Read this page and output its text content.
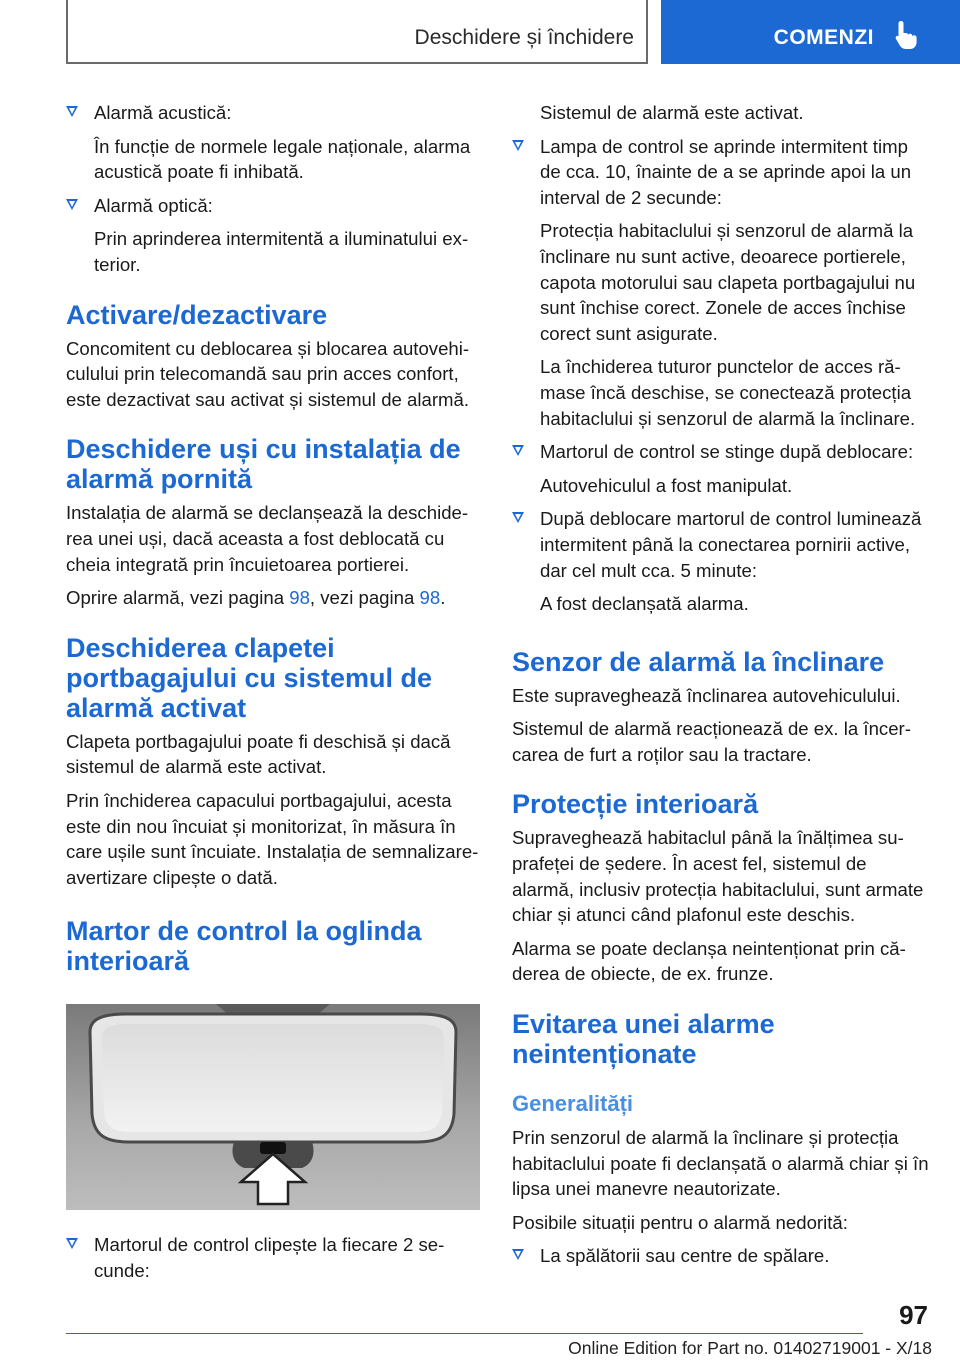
Deschidere și închidere	COMENZI

Alarmă acustică:

În funcție de normele legale naționale, alarma acustică poate fi inhibată.

Alarmă optică:

Prin aprinderea intermitentă a iluminatului exterior.

Activare/dezactivare

Concomitent cu deblocarea și blocarea autovehiculului prin telecomandă sau prin acces confort, este dezactivat sau activat și sistemul de alarmă.

Deschidere uși cu instalația de alarmă pornită

Instalația de alarmă se declanșează la deschiderea unei uși, dacă aceasta a fost deblocată cu cheia integrată prin încuietoarea portierei.

Oprire alarmă, vezi pagina 98, vezi pagina 98.

Deschiderea clapetei portbagajului cu sistemul de alarmă activat

Clapeta portbagajului poate fi deschisă și dacă sistemul de alarmă este activat.

Prin închiderea capacului portbagajului, acesta este din nou încuiat și monitorizat, în măsura în care ușile sunt încuiate. Instalația de semnalizare-avertizare clipește o dată.

Martor de control la oglinda interioară

Martorul de control clipește la fiecare 2 secunde:

Sistemul de alarmă este activat.

Lampa de control se aprinde intermitent timp de cca. 10, înainte de a se aprinde apoi la un interval de 2 secunde:

Protecția habitaclului și senzorul de alarmă la înclinare nu sunt active, deoarece portierele, capota motorului sau clapeta portbagajului nu sunt închise corect. Zonele de acces închise corect sunt asigurate.

La închiderea tuturor punctelor de acces rămase încă deschise, se conectează protecția habitaclului și senzorul de alarmă la înclinare.

Martorul de control se stinge după deblocare:

Autovehiculul a fost manipulat.

După deblocare martorul de control luminează intermitent până la conectarea pornirii active, dar cel mult cca. 5 minute:

A fost declanșată alarma.

Senzor de alarmă la înclinare

Este supraveghează înclinarea autovehiculului.

Sistemul de alarmă reacționează de ex. la încercarea de furt a roților sau la tractare.

Protecție interioară

Supraveghează habitaclul până la înălțimea suprafeței de ședere. În acest fel, sistemul de alarmă, inclusiv protecția habitaclului, sunt armate chiar și atunci când plafonul este deschis.

Alarma se poate declanșa neintenționat prin căderea de obiecte, de ex. frunze.

Evitarea unei alarme neintenționate
Generalități

Prin senzorul de alarmă la înclinare și protecția habitaclului poate fi declanșată o alarmă chiar și în lipsa unei manevre neautorizate.

Posibile situații pentru o alarmă nedorită:

La spălătorii sau centre de spălare.

97
Online Edition for Part no. 01402719001 - X/18
